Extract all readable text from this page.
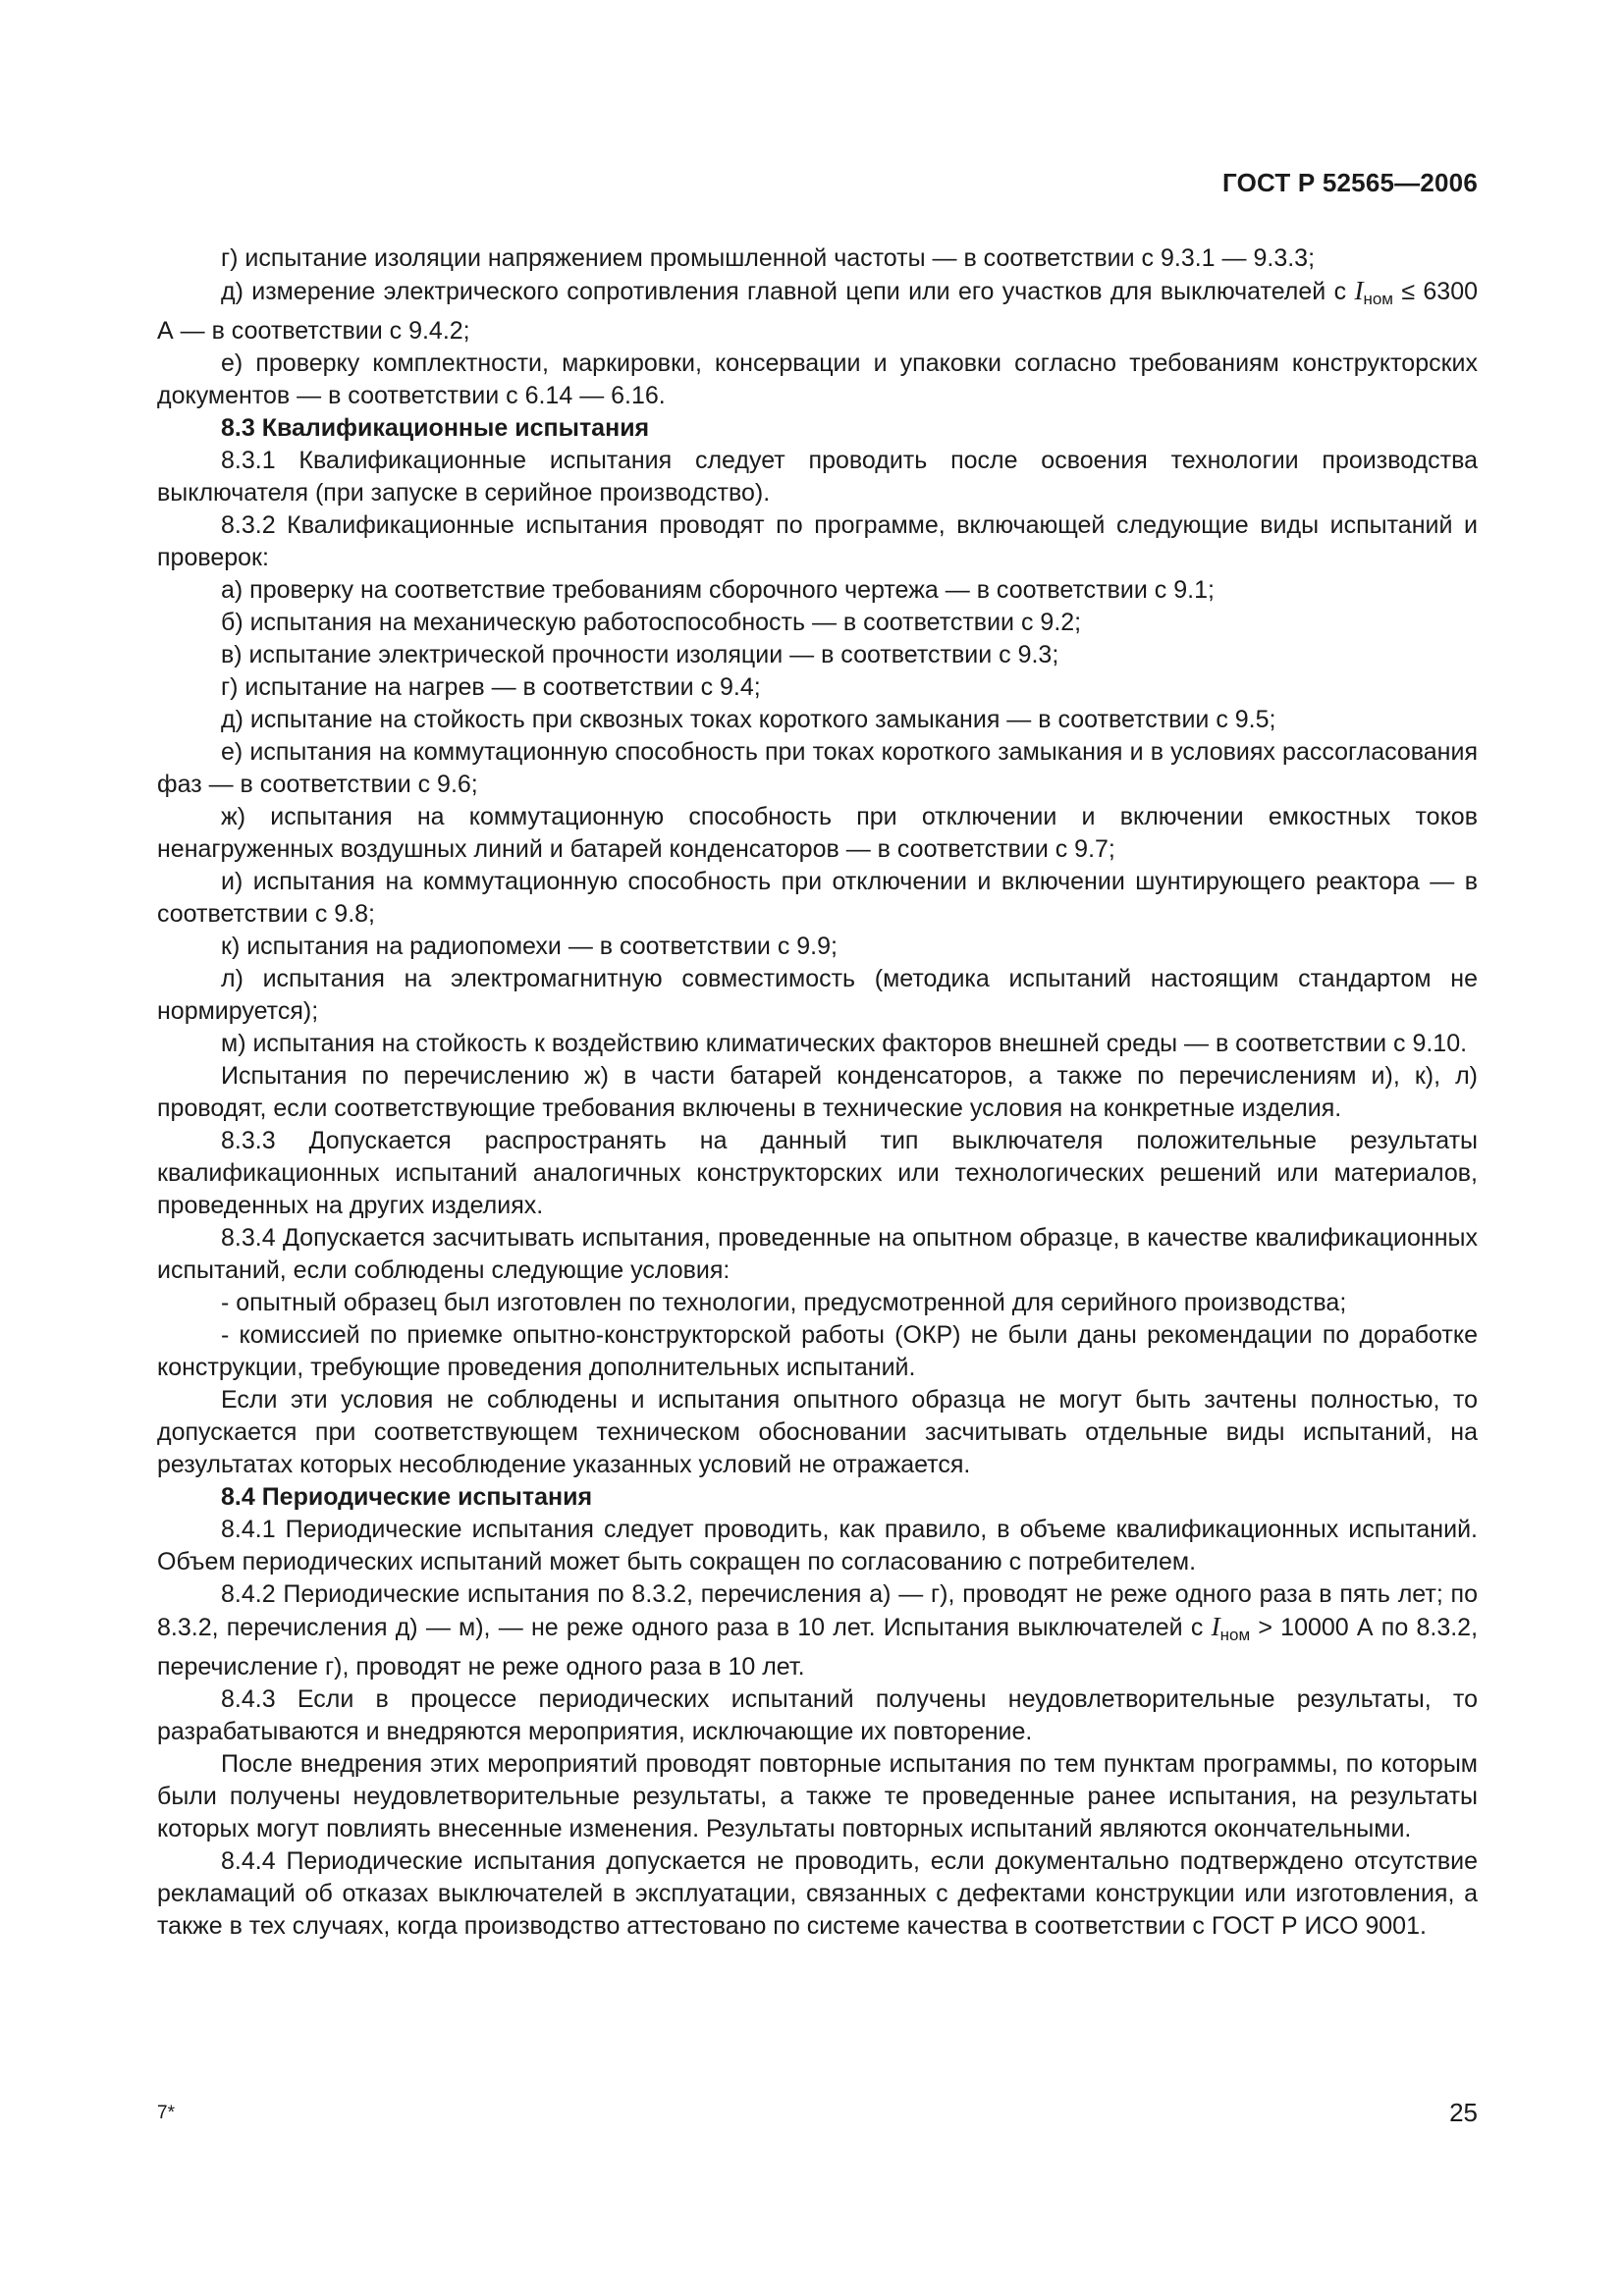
ГОСТ Р 52565—2006

г) испытание изоляции напряжением промышленной частоты — в соответствии с 9.3.1 — 9.3.3;

д) измерение электрического сопротивления главной цепи или его участков для выключателей с $I_{ном} \le 6300$ А — в соответствии с 9.4.2;

е) проверку комплектности, маркировки, консервации и упаковки согласно требованиям конструкторских документов — в соответствии с 6.14 — 6.16.

8.3 Квалификационные испытания

8.3.1 Квалификационные испытания следует проводить после освоения технологии производства выключателя (при запуске в серийное производство).

8.3.2 Квалификационные испытания проводят по программе, включающей следующие виды испытаний и проверок:

а) проверку на соответствие требованиям сборочного чертежа — в соответствии с 9.1;

б) испытания на механическую работоспособность — в соответствии с 9.2;

в) испытание электрической прочности изоляции — в соответствии с 9.3;

г) испытание на нагрев — в соответствии с 9.4;

д) испытание на стойкость при сквозных токах короткого замыкания — в соответствии с 9.5;

е) испытания на коммутационную способность при токах короткого замыкания и в условиях рассогласования фаз — в соответствии с 9.6;

ж) испытания на коммутационную способность при отключении и включении емкостных токов ненагруженных воздушных линий и батарей конденсаторов — в соответствии с 9.7;

и) испытания на коммутационную способность при отключении и включении шунтирующего реактора — в соответствии с 9.8;

к) испытания на радиопомехи — в соответствии с 9.9;

л) испытания на электромагнитную совместимость (методика испытаний настоящим стандартом не нормируется);

м) испытания на стойкость к воздействию климатических факторов внешней среды — в соответствии с 9.10.

Испытания по перечислению ж) в части батарей конденсаторов, а также по перечислениям и), к), л) проводят, если соответствующие требования включены в технические условия на конкретные изделия.

8.3.3 Допускается распространять на данный тип выключателя положительные результаты квалификационных испытаний аналогичных конструкторских или технологических решений или материалов, проведенных на других изделиях.

8.3.4 Допускается засчитывать испытания, проведенные на опытном образце, в качестве квалификационных испытаний, если соблюдены следующие условия:

- опытный образец был изготовлен по технологии, предусмотренной для серийного производства;

- комиссией по приемке опытно-конструкторской работы (ОКР) не были даны рекомендации по доработке конструкции, требующие проведения дополнительных испытаний.

Если эти условия не соблюдены и испытания опытного образца не могут быть зачтены полностью, то допускается при соответствующем техническом обосновании засчитывать отдельные виды испытаний, на результатах которых несоблюдение указанных условий не отражается.

8.4 Периодические испытания

8.4.1 Периодические испытания следует проводить, как правило, в объеме квалификационных испытаний. Объем периодических испытаний может быть сокращен по согласованию с потребителем.

8.4.2 Периодические испытания по 8.3.2, перечисления а) — г), проводят не реже одного раза в пять лет; по 8.3.2, перечисления д) — м), — не реже одного раза в 10 лет. Испытания выключателей с $I_{ном} > 10000$ А по 8.3.2, перечисление г), проводят не реже одного раза в 10 лет.

8.4.3 Если в процессе периодических испытаний получены неудовлетворительные результаты, то разрабатываются и внедряются мероприятия, исключающие их повторение.

После внедрения этих мероприятий проводят повторные испытания по тем пунктам программы, по которым были получены неудовлетворительные результаты, а также те проведенные ранее испытания, на результаты которых могут повлиять внесенные изменения. Результаты повторных испытаний являются окончательными.

8.4.4 Периодические испытания допускается не проводить, если документально подтверждено отсутствие рекламаций об отказах выключателей в эксплуатации, связанных с дефектами конструкции или изготовления, а также в тех случаях, когда производство аттестовано по системе качества в соответствии с ГОСТ Р ИСО 9001.

7*	25
